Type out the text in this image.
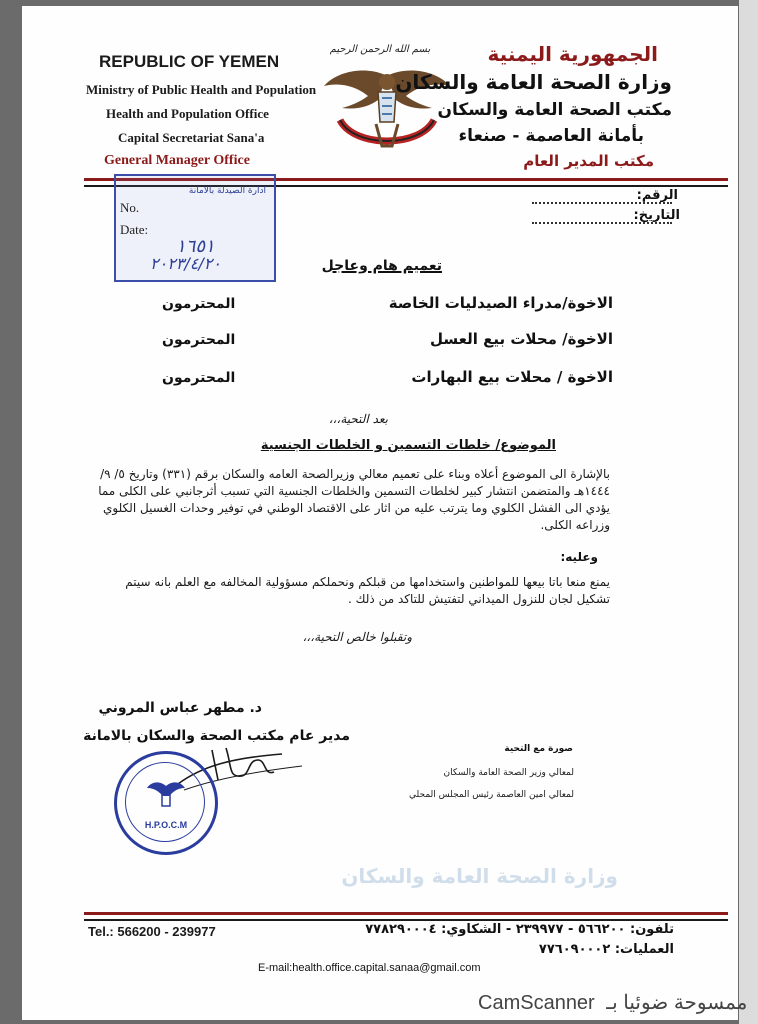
REPUBLIC OF YEMEN
Ministry of Public Health and Population
Health and Population Office
Capital Secretariat Sana'a
General Manager Office
بسم الله الرحمن الرحيم	الجمهورية اليمنية
وزارة الصحة العامة والسكان
مكتب الصحة العامة والسكان
بأمانة العاصمة - صنعاء
مكتب المدير العام
الرقم:
التاريخ:
ادارة الصيدلة بالامانة
No.
Date:
١٦٥١
٢٠٢٣/٤/٢٠	تعميم هام وعاجل
الاخوة/مدراء الصيدليات الخاصة
المحترمون
الاخوة/ محلات بيع العسل
المحترمون
الاخوة / محلات بيع البهارات
المحترمون
بعد التحية،،،
الموضوع/ خلطات التسمين و الخلطات الجنسية
بالإشارة الى الموضوع أعلاه وبناء على تعميم معالي وزيرالصحة العامه والسكان برقم (٣٣١) وتاريخ ٥/ ٩/ ١٤٤٤هـ والمتضمن انتشار كبير لخلطات التسمين والخلطات الجنسية التي تسبب أثرجانبي على الكلى مما يؤدي الى الفشل الكلوي وما يترتب عليه من اثار على الاقتصاد الوطني في توفير وحدات الغسيل الكلوي وزراعه الكلى.
وعليه:
يمنع منعا باتا بيعها للمواطنين واستخدامها من قبلكم ونحملكم مسؤولية المخالفه مع العلم بانه سيتم تشكيل لجان للنزول الميداني لتفتيش للتاكد من ذلك .
وتقبلوا خالص التحية،،،
د. مطهر عباس المروني
مدير عام مكتب الصحة والسكان بالامانة
H.P.O.C.M
صورة مع التحية
لمعالي وزير الصحة العامة والسكان
لمعالي امين العاصمة رئيس المجلس المحلي
وزارة الصحة العامة والسكان
Tel.: 566200 - 239977	تلفون: ٥٦٦٢٠٠ - ٢٣٩٩٧٧ - الشكاوي: ٧٧٨٢٩٠٠٠٤
العمليات: ٧٧٦٠٩٠٠٠٢
E-mail:health.office.capital.sanaa@gmail.com
CamScanner ممسوحة ضوئيا بـ
